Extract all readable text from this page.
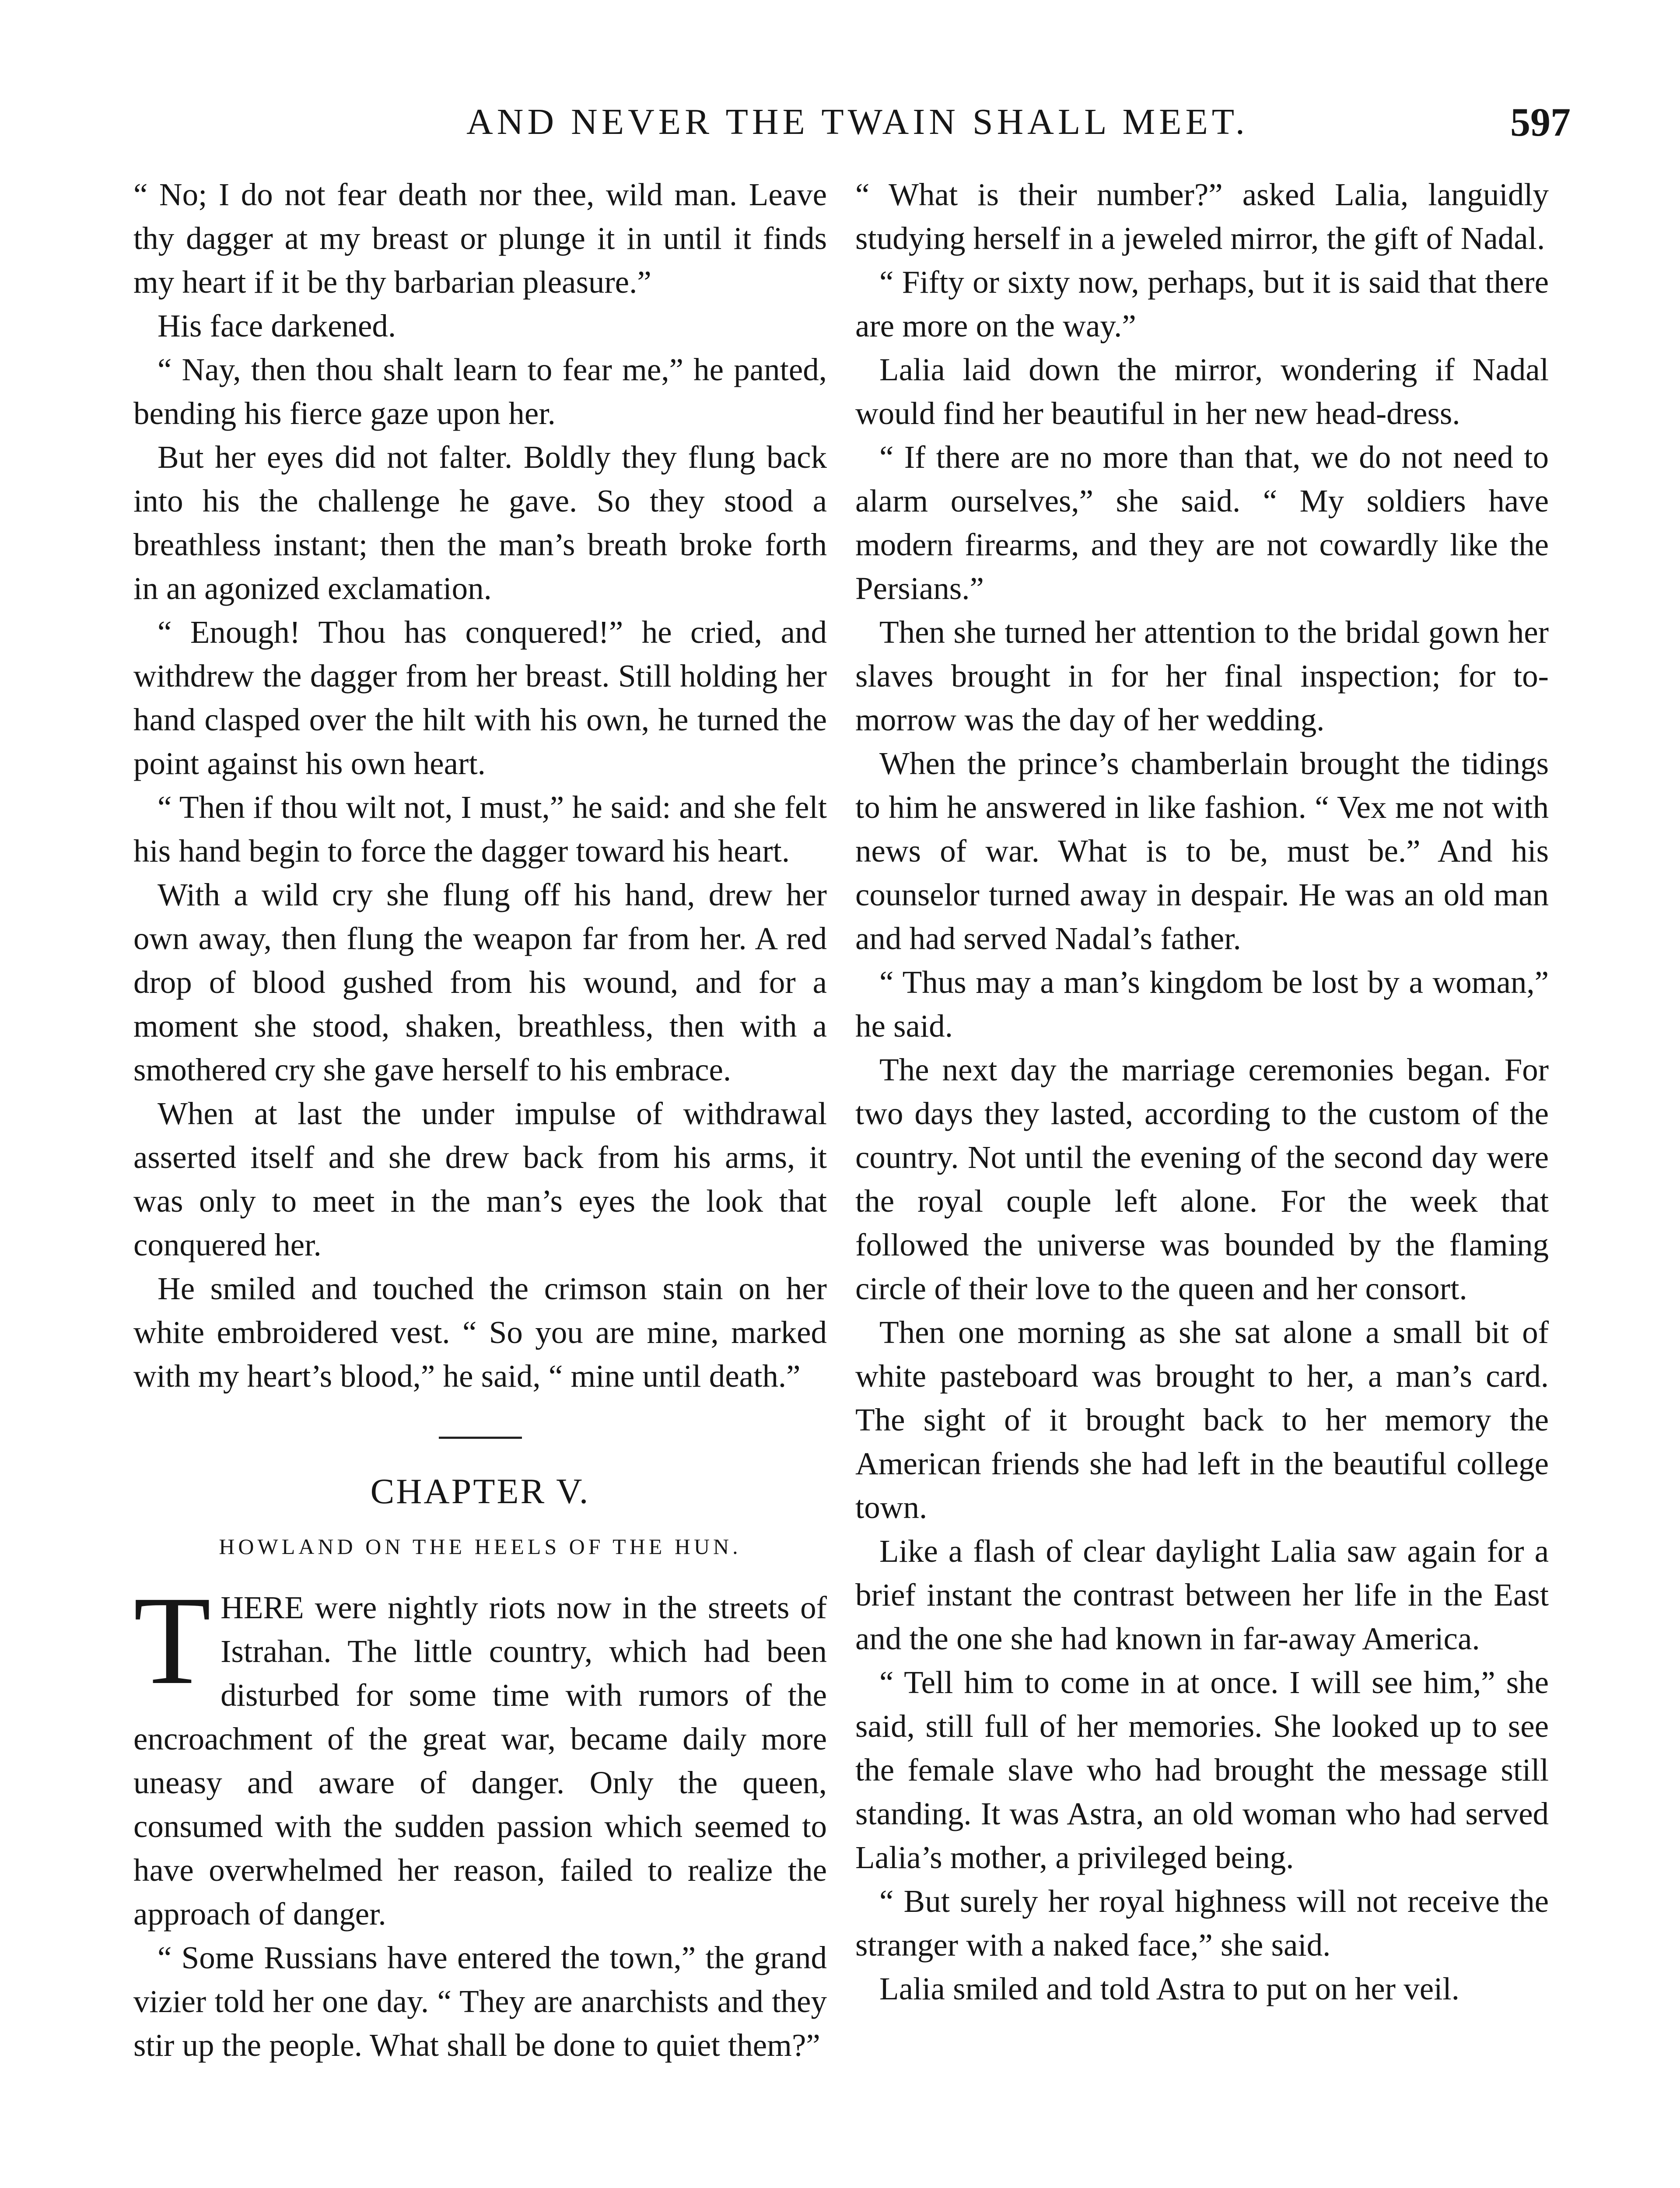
AND NEVER THE TWAIN SHALL MEET.	597

“ No; I do not fear death nor thee, wild man. Leave thy dagger at my breast or plunge it in until it finds my heart if it be thy barbarian pleasure.”

His face darkened.

“ Nay, then thou shalt learn to fear me,” he panted, bending his fierce gaze upon her.

But her eyes did not falter. Boldly they flung back into his the challenge he gave. So they stood a breathless instant; then the man’s breath broke forth in an agonized exclamation.

“ Enough! Thou has conquered!” he cried, and withdrew the dagger from her breast. Still holding her hand clasped over the hilt with his own, he turned the point against his own heart.

“ Then if thou wilt not, I must,” he said: and she felt his hand begin to force the dagger toward his heart.

With a wild cry she flung off his hand, drew her own away, then flung the weapon far from her. A red drop of blood gushed from his wound, and for a moment she stood, shaken, breathless, then with a smothered cry she gave herself to his embrace.

When at last the under impulse of withdrawal asserted itself and she drew back from his arms, it was only to meet in the man’s eyes the look that conquered her.

He smiled and touched the crimson stain on her white embroidered vest. “ So you are mine, marked with my heart’s blood,” he said, “ mine until death.”

CHAPTER V.
HOWLAND ON THE HEELS OF THE HUN.

THERE were nightly riots now in the streets of Istrahan. The little country, which had been disturbed for some time with rumors of the encroachment of the great war, became daily more uneasy and aware of danger. Only the queen, consumed with the sudden passion which seemed to have overwhelmed her reason, failed to realize the approach of danger.

“ Some Russians have entered the town,” the grand vizier told her one day. “ They are anarchists and they stir up the people. What shall be done to quiet them?”

“ What is their number?” asked Lalia, languidly studying herself in a jeweled mirror, the gift of Nadal.

“ Fifty or sixty now, perhaps, but it is said that there are more on the way.”

Lalia laid down the mirror, wondering if Nadal would find her beautiful in her new head-dress.

“ If there are no more than that, we do not need to alarm ourselves,” she said. “ My soldiers have modern firearms, and they are not cowardly like the Persians.”

Then she turned her attention to the bridal gown her slaves brought in for her final inspection; for to-morrow was the day of her wedding.

When the prince’s chamberlain brought the tidings to him he answered in like fashion. “ Vex me not with news of war. What is to be, must be.” And his counselor turned away in despair. He was an old man and had served Nadal’s father.

“ Thus may a man’s kingdom be lost by a woman,” he said.

The next day the marriage ceremonies began. For two days they lasted, according to the custom of the country. Not until the evening of the second day were the royal couple left alone. For the week that followed the universe was bounded by the flaming circle of their love to the queen and her consort.

Then one morning as she sat alone a small bit of white pasteboard was brought to her, a man’s card. The sight of it brought back to her memory the American friends she had left in the beautiful college town.

Like a flash of clear daylight Lalia saw again for a brief instant the contrast between her life in the East and the one she had known in far-away America.

“ Tell him to come in at once. I will see him,” she said, still full of her memories. She looked up to see the female slave who had brought the message still standing. It was Astra, an old woman who had served Lalia’s mother, a privileged being.

“ But surely her royal highness will not receive the stranger with a naked face,” she said.

Lalia smiled and told Astra to put on her veil.
